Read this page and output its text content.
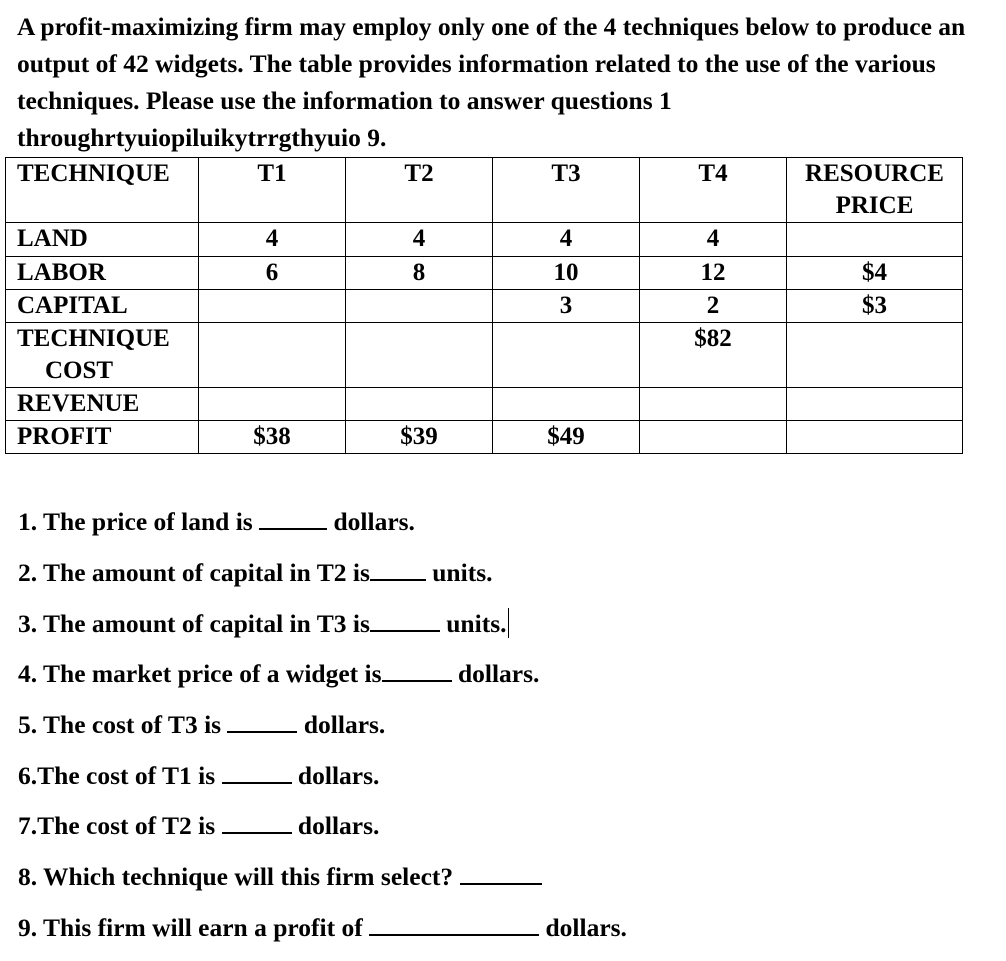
A profit-maximizing firm may employ only one of the 4 techniques below to produce an output of 42 widgets. The table provides information related to the use of the various techniques. Please use the information to answer questions 1 throughrtyuiopiluikytrrgthyuio 9.

TECHNIQUE	T1	T2	T3	T4	RESOURCE PRICE
LAND	4	4	4	4	
LABOR	6	8	10	12	$4
CAPITAL			3	2	$3

TECHNIQUE
COST				$82	
REVENUE					
PROFIT	$38	$39	$49		
1. The price of land is	dollars.
2. The amount of capital in T2 is units.
3. The amount of capital in T3 is	units.
4. The market price of a widget is	dollars.
5. The cost of T3 is	dollars.
6.The cost of T1 is	dollars.
7.The cost of T2 is	dollars.
8. Which technique will this firm select?
9. This firm will earn a profit of	dollars.
